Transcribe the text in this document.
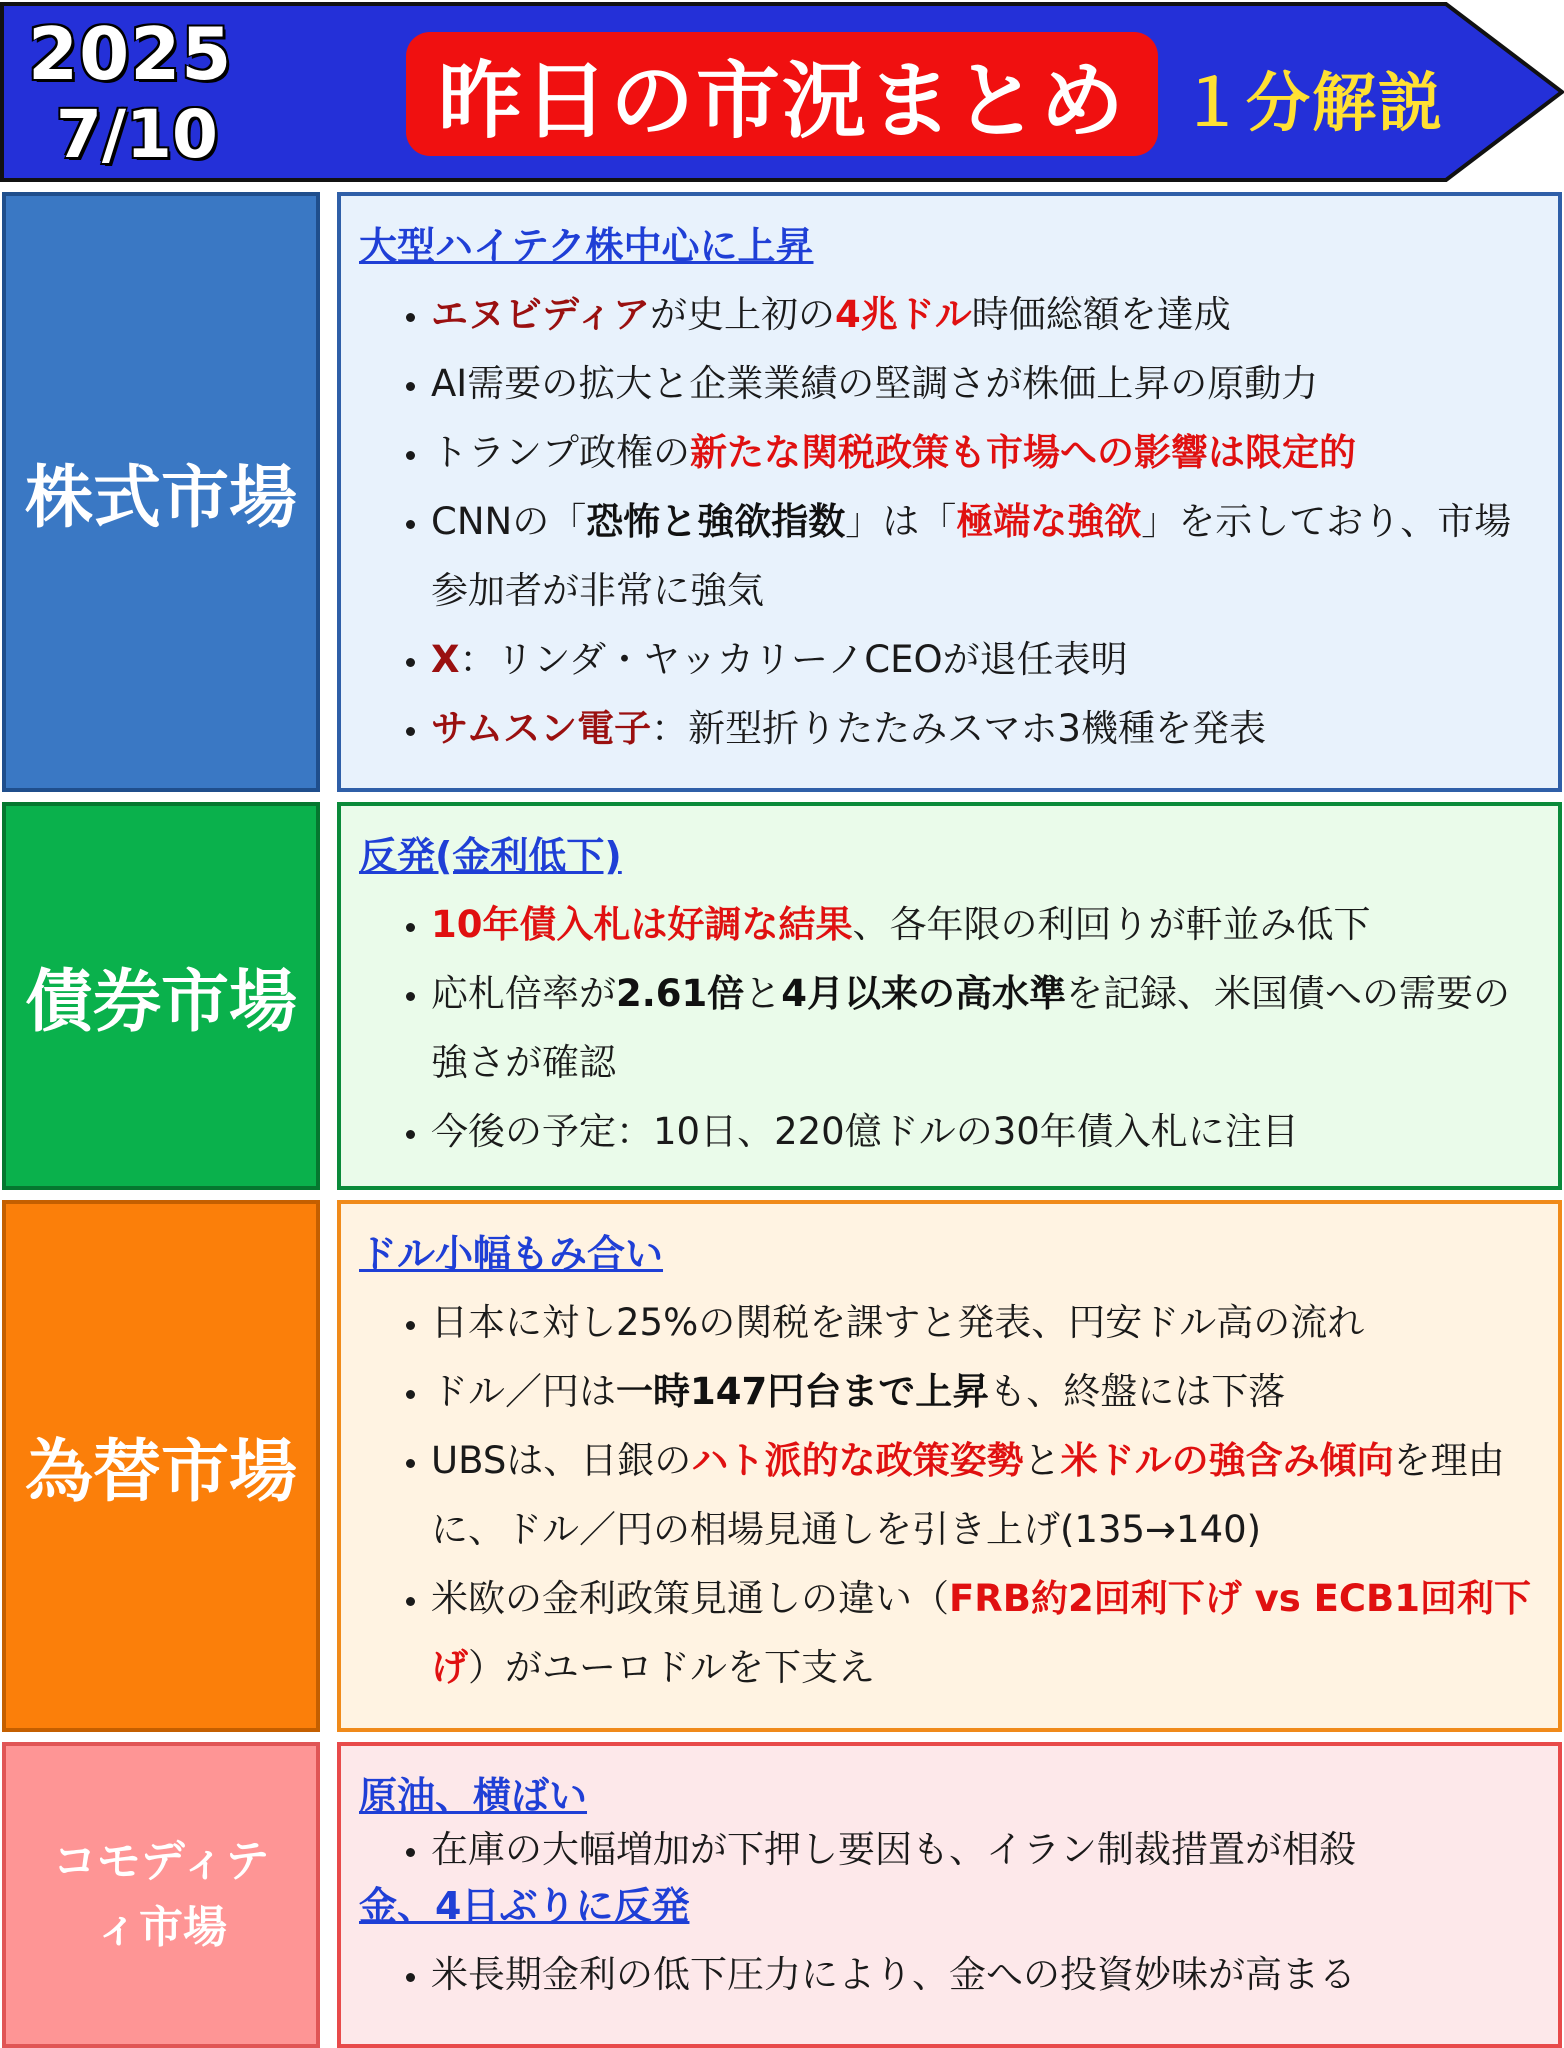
2025
7/10	昨日の市況まとめ １分解説
株式市場
大型ハイテク株中心に上昇
• エヌビディアが史上初の4兆ドル時価総額を達成
• AI需要の拡大と企業業績の堅調さが株価上昇の原動力
• トランプ政権の新たな関税政策も市場への影響は限定的
• CNNの「恐怖と強欲指数」は「極端な強欲」を示しており、市場参加者が非常に強気
• X：リンダ・ヤッカリーノCEOが退任表明
• サムスン電子：新型折りたたみスマホ3機種を発表
債券市場
反発(金利低下)
• 10年債入札は好調な結果、各年限の利回りが軒並み低下
• 応札倍率が2.61倍と4月以来の高水準を記録、米国債への需要の強さが確認
• 今後の予定：10日、220億ドルの30年債入札に注目
為替市場
ドル小幅もみ合い
• 日本に対し25%の関税を課すと発表、円安ドル高の流れ
• ドル／円は一時147円台まで上昇も、終盤には下落
• UBSは、日銀のハト派的な政策姿勢と米ドルの強含み傾向を理由に、ドル／円の相場見通しを引き上げ(135→140)
• 米欧の金利政策見通しの違い（FRB約2回利下げ vs ECB1回利下げ）がユーロドルを下支え
コモディティ市場
原油、横ばい
• 在庫の大幅増加が下押し要因も、イラン制裁措置が相殺
金、4日ぶりに反発
• 米長期金利の低下圧力により、金への投資妙味が高まる
